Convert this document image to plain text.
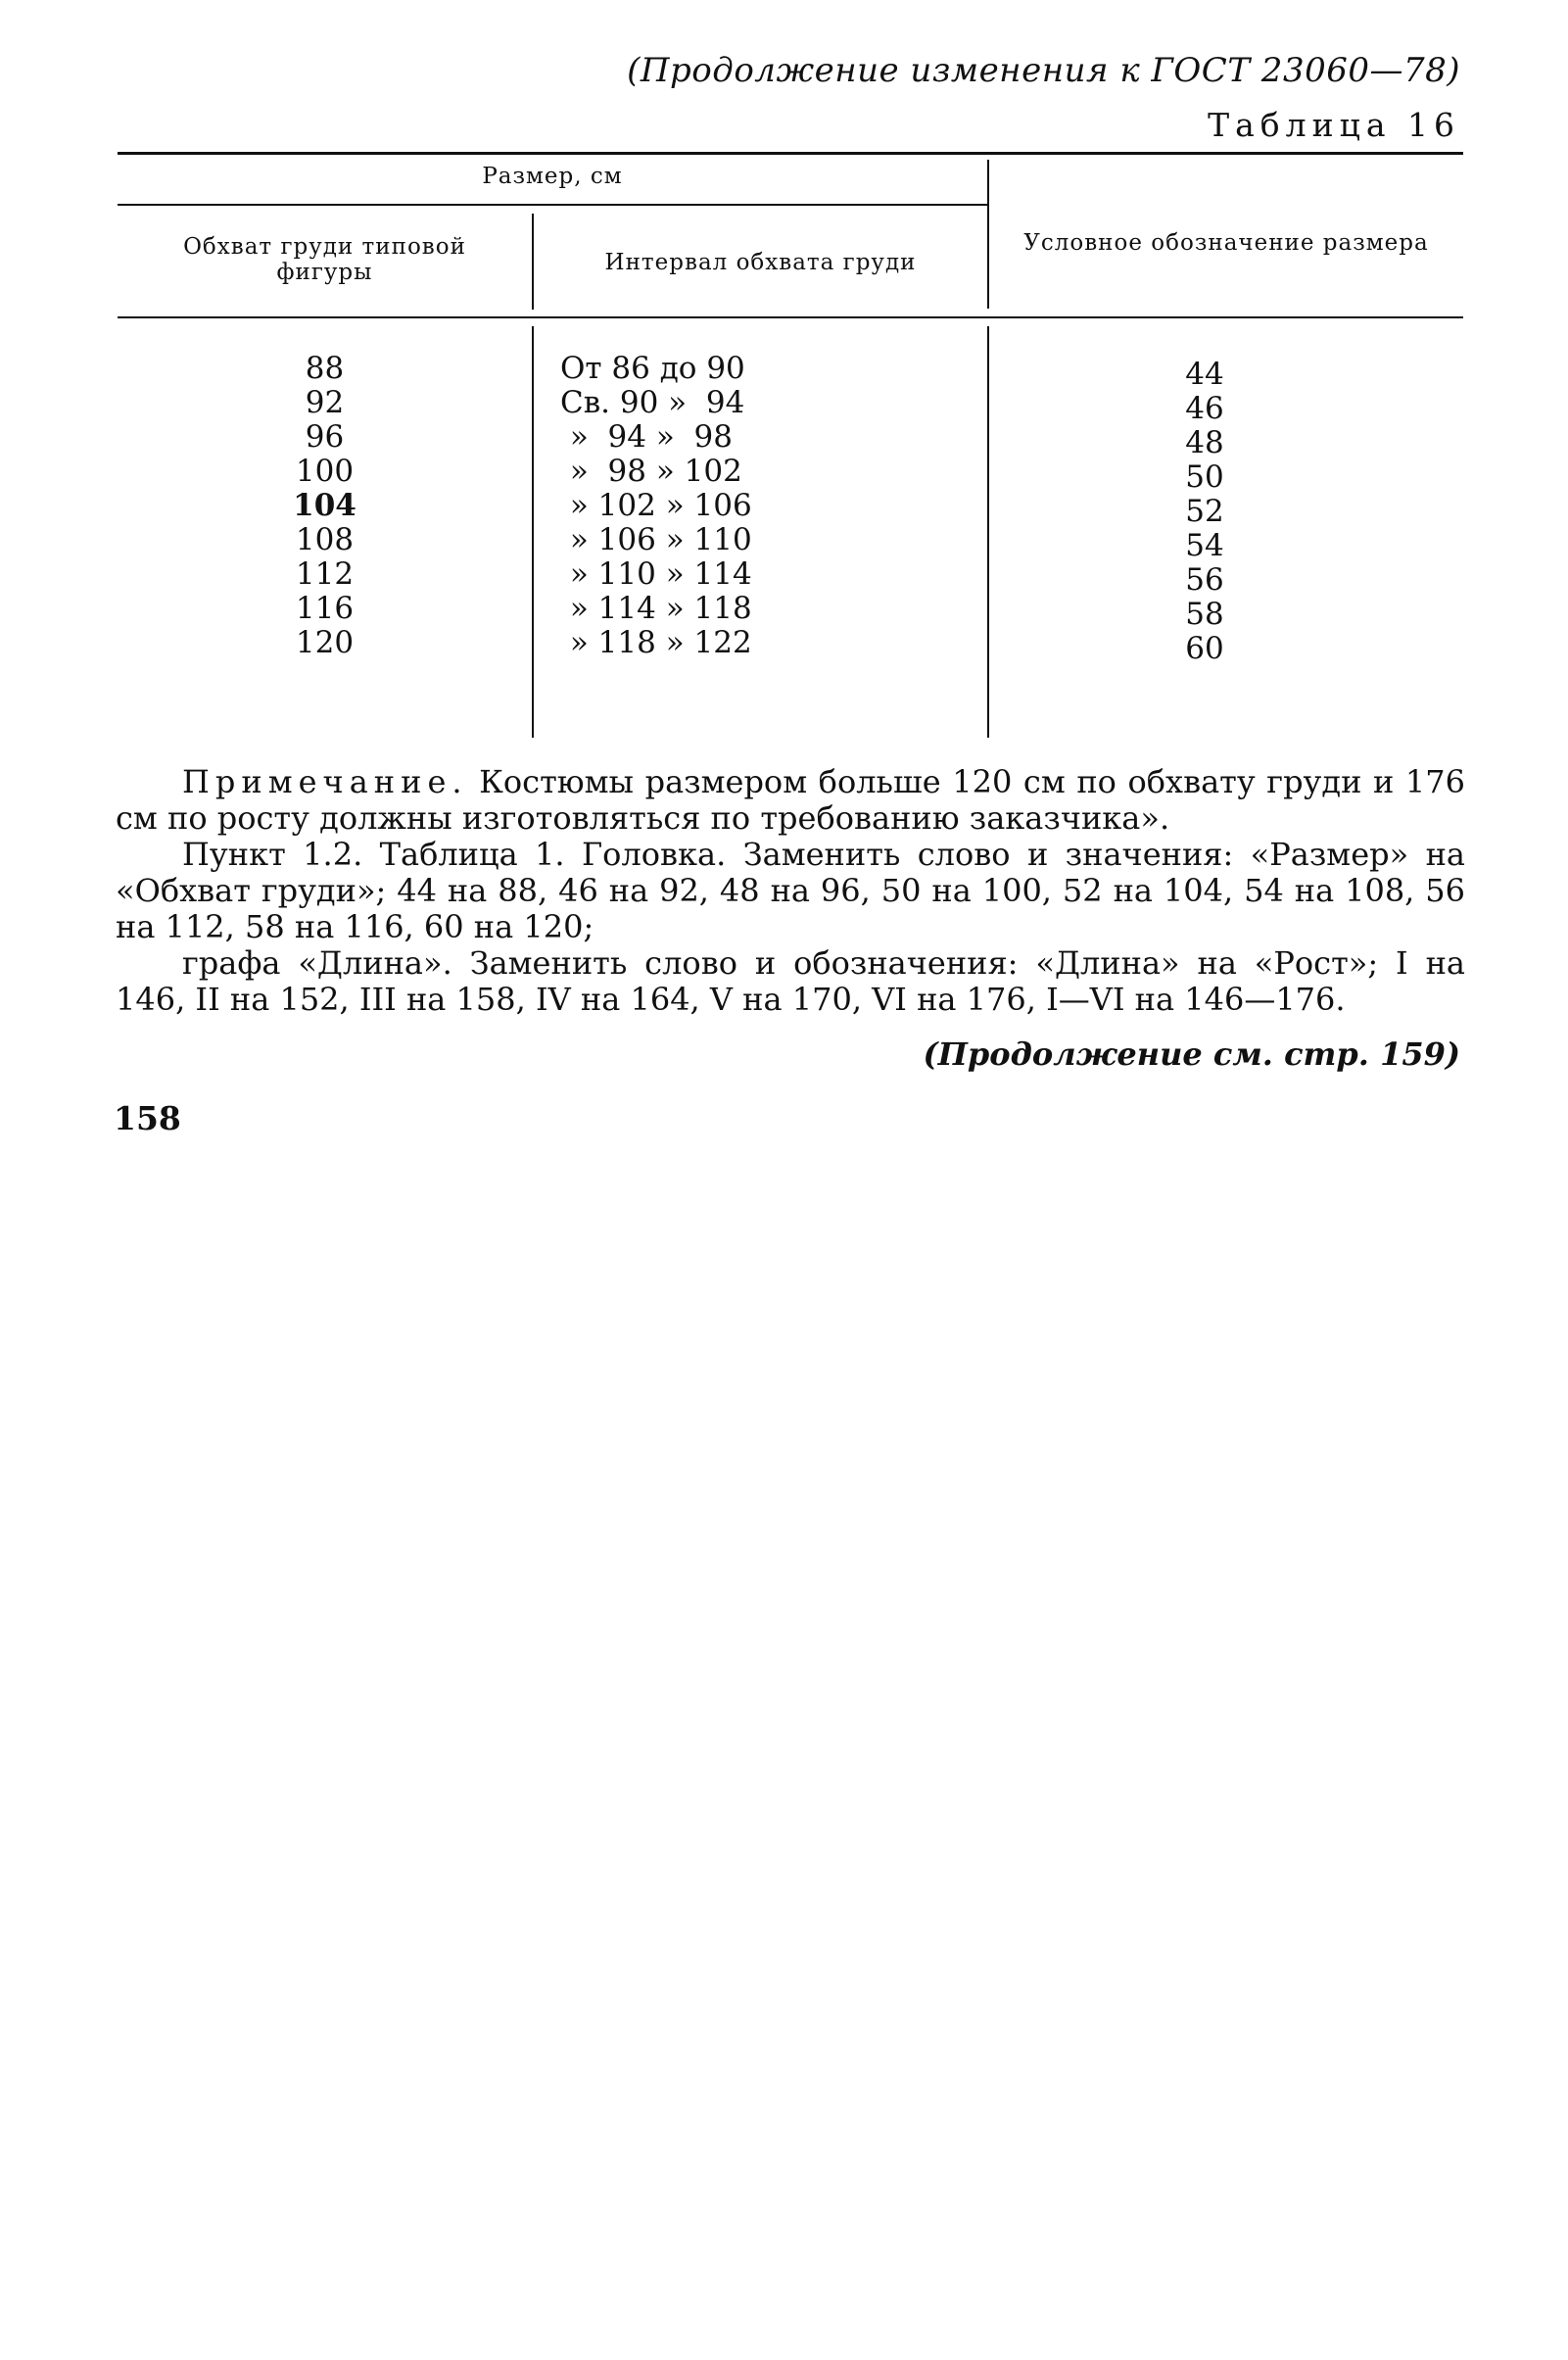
(Продолжение изменения к ГОСТ 23060—78)
Таблица 16
Размер, см
Обхват груди типовой
фигуры	Интервал обхвата груди
Условное обозначение размера
88
92
96
100
104
108
112
116
120
От 86 до 90
Св. 90 »  94
»  94 »  98
»  98 » 102
» 102 » 106
» 106 » 110
» 110 » 114
» 114 » 118
» 118 » 122
44
46
48
50
52
54
56
58
60

Примечание. Костюмы размером больше 120 см по обхвату груди и 176 см по росту должны изготовляться по требованию заказчика».

Пункт 1.2. Таблица 1. Головка. Заменить слово и значения: «Размер» на «Обхват груди»; 44 на 88, 46 на 92, 48 на 96, 50 на 100, 52 на 104, 54 на 108, 56 на 112, 58 на 116, 60 на 120;

графа «Длина». Заменить слово и обозначения: «Длина» на «Рост»; I на 146, II на 152, III на 158, IV на 164, V на 170, VI на 176, I—VI на 146—176.

(Продолжение см. стр. 159)
158
